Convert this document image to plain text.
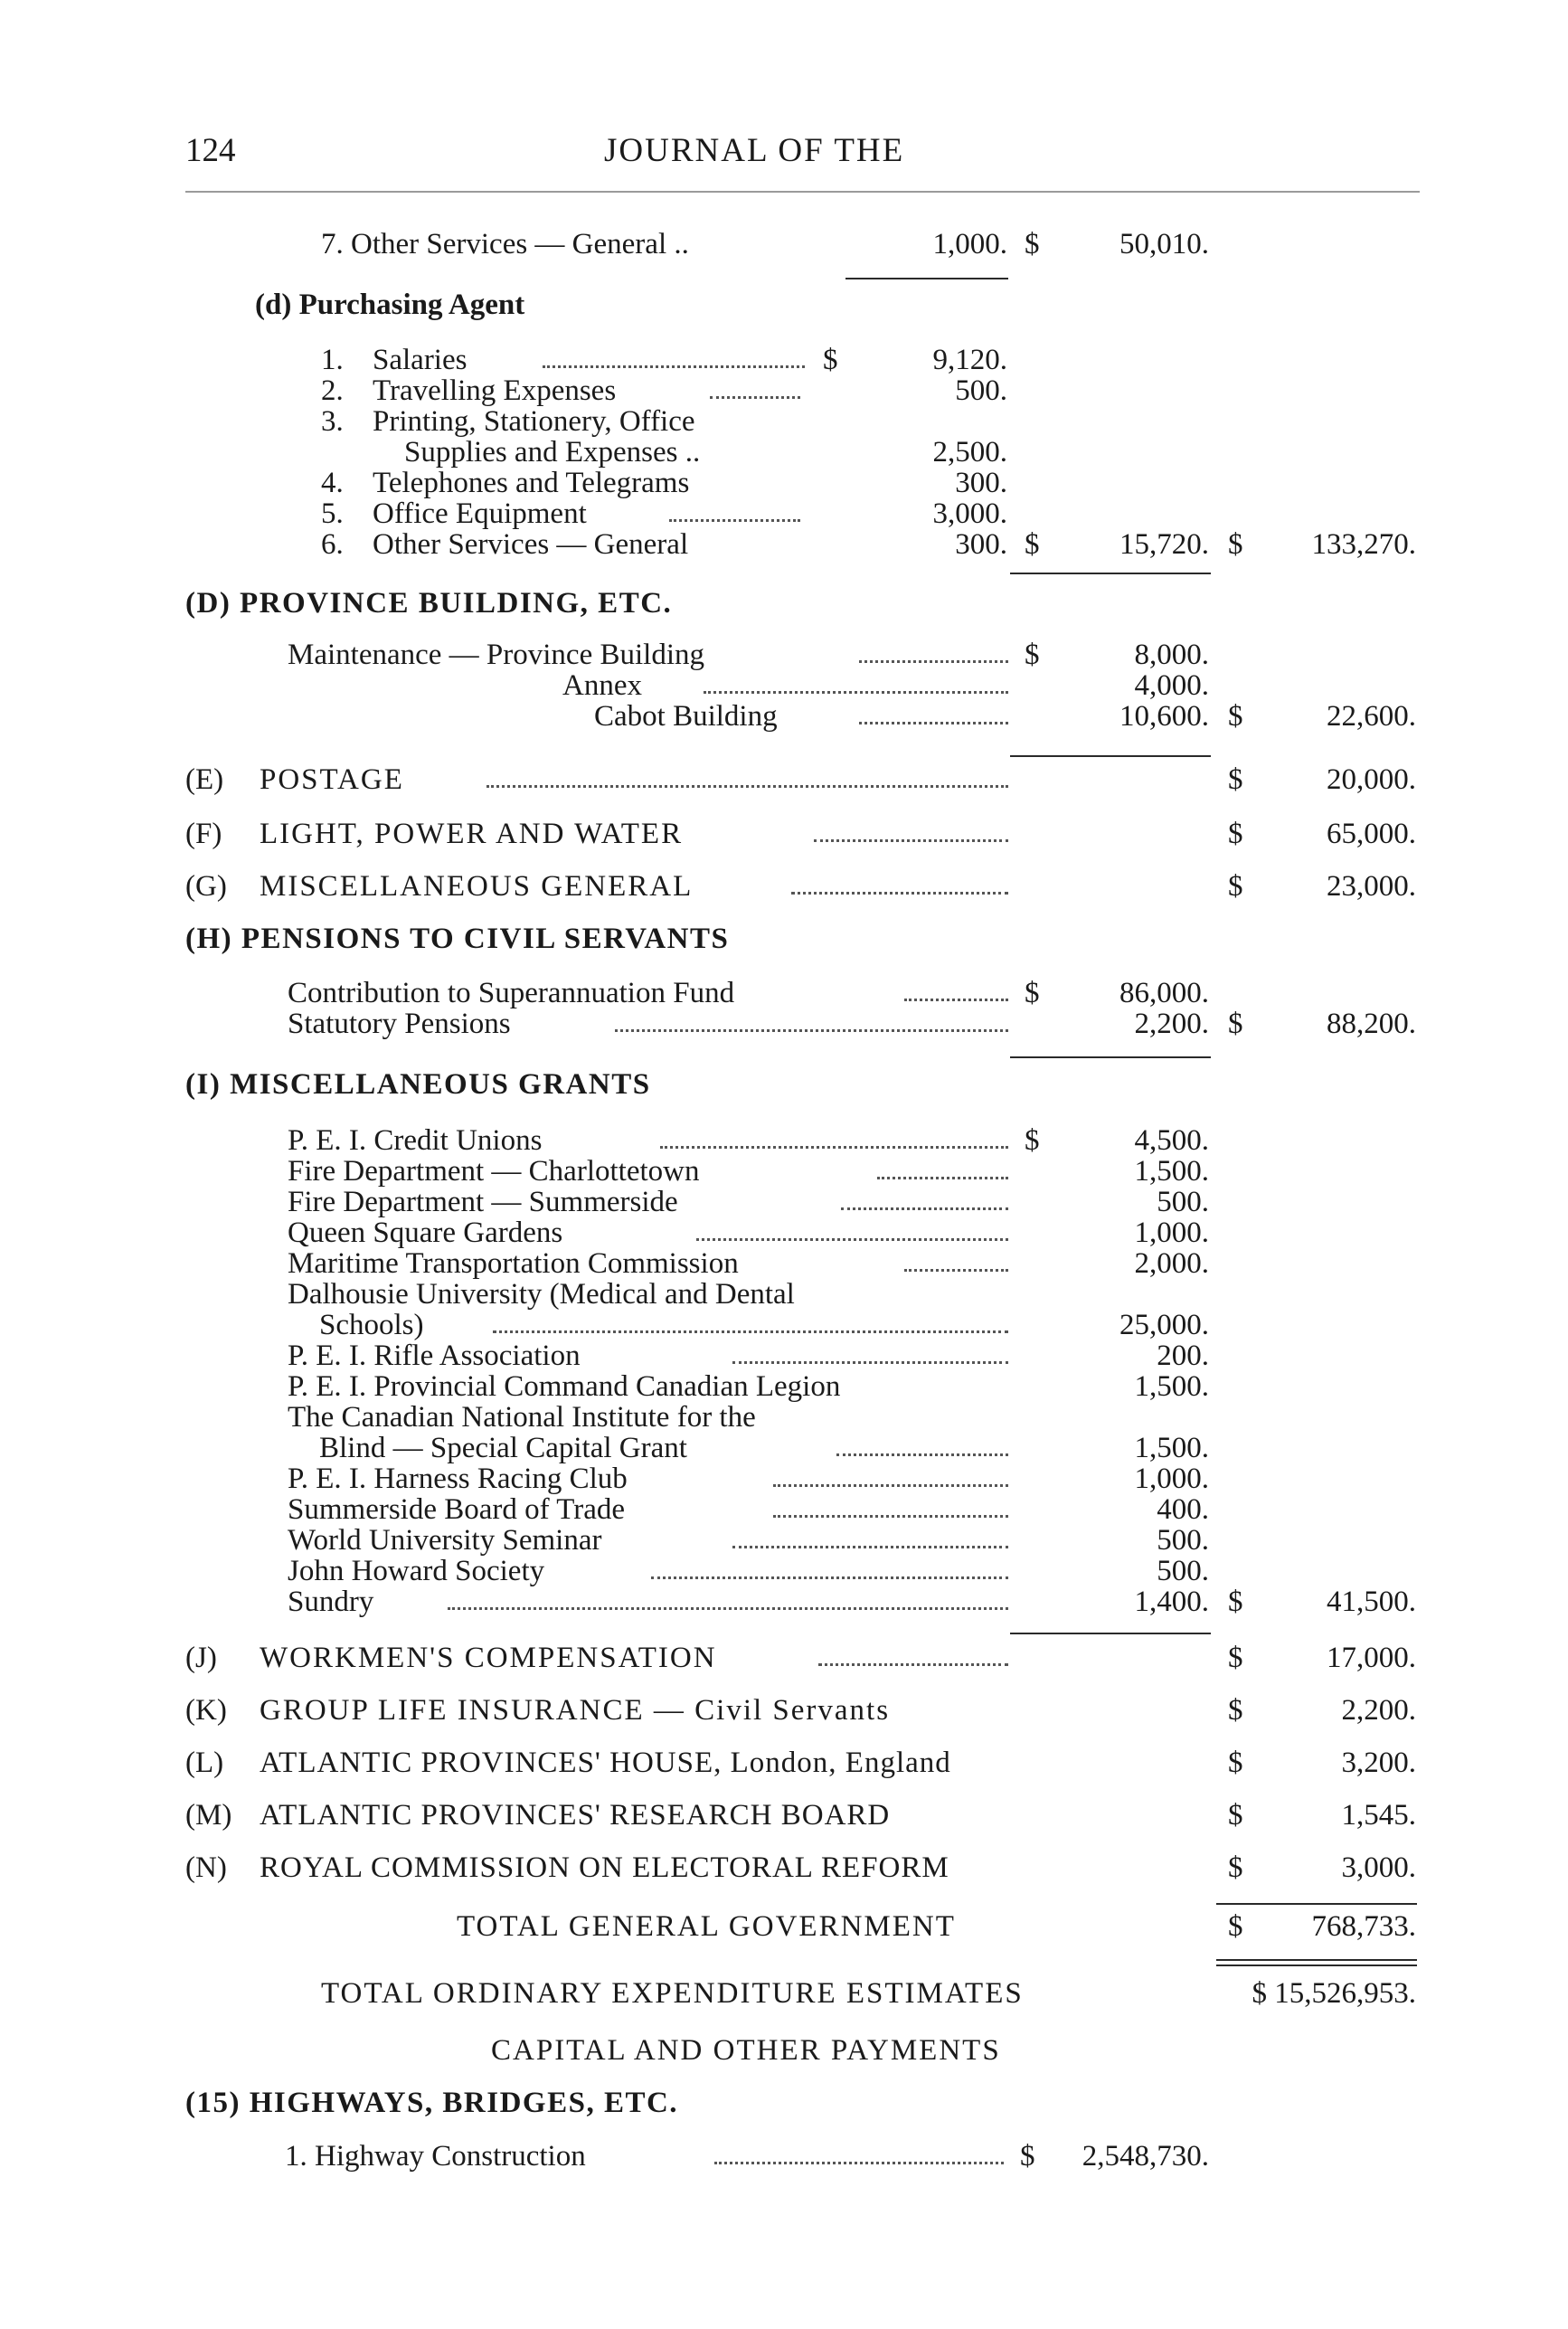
124	JOURNAL OF THE
7. Other Services — General ..	1,000. $	50,010.
(d) Purchasing Agent
1. Salaries	$	9,120.
2. Travelling Expenses	500.
3. Printing, Stationery, Office
Supplies and Expenses ..	2,500.
4. Telephones and Telegrams	300.
5. Office Equipment	3,000.
6. Other Services — General	300. $	15,720. $ 133,270.
(D) PROVINCE BUILDING, ETC.
Maintenance — Province Building	$	8,000.
Annex	4,000.
Cabot Building	10,600. $	22,600.
(E) POSTAGE	$	20,000.
(F) LIGHT, POWER AND WATER	$	65,000.
(G) MISCELLANEOUS GENERAL	$	23,000.
(H) PENSIONS TO CIVIL SERVANTS
Contribution to Superannuation Fund	$	86,000.
Statutory Pensions	2,200. $	88,200.
(I) MISCELLANEOUS GRANTS
P. E. I. Credit Unions	$	4,500.
Fire Department — Charlottetown	1,500.
Fire Department — Summerside	500.
Queen Square Gardens	1,000.
Maritime Transportation Commission	2,000.
Dalhousie University (Medical and Dental
Schools)	25,000.
P. E. I. Rifle Association	200.
P. E. I. Provincial Command Canadian Legion	1,500.
The Canadian National Institute for the
Blind — Special Capital Grant	1,500.
P. E. I. Harness Racing Club	1,000.
Summerside Board of Trade	400.
World University Seminar	500.
John Howard Society	500.
Sundry	1,400. $	41,500.
(J) WORKMEN'S COMPENSATION	$	17,000.
(K) GROUP LIFE INSURANCE — Civil Servants	$	2,200.
(L) ATLANTIC PROVINCES' HOUSE, London, England	$	3,200.
(M) ATLANTIC PROVINCES' RESEARCH BOARD	$	1,545.
(N) ROYAL COMMISSION ON ELECTORAL REFORM	$	3,000.
TOTAL GENERAL GOVERNMENT	$ 768,733.
TOTAL ORDINARY EXPENDITURE ESTIMATES	$ 15,526,953.
CAPITAL AND OTHER PAYMENTS
(15) HIGHWAYS, BRIDGES, ETC.
1. Highway Construction	$ 2,548,730.
